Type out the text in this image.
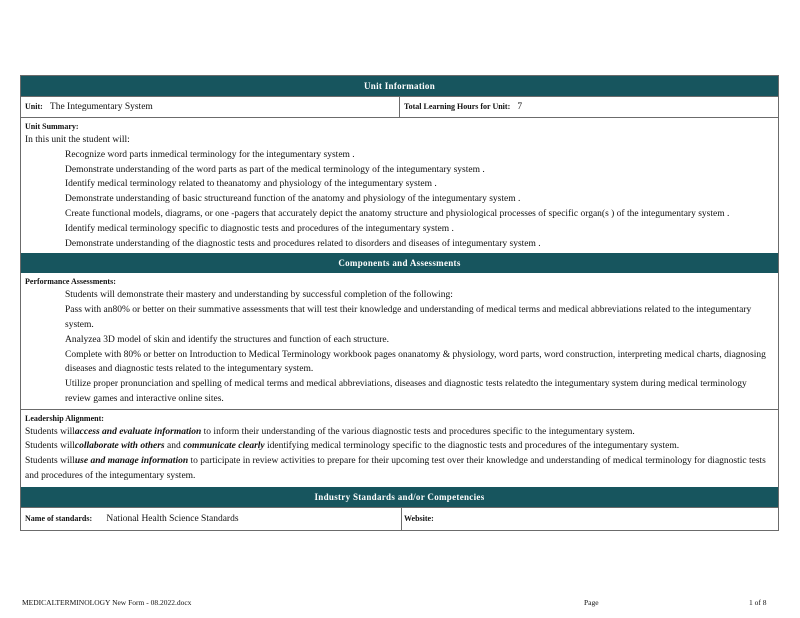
Unit Information
Unit: The Integumentary System	Total Learning Hours for Unit: 7
Unit Summary:
In this unit the student will:
Recognize word parts inmedical terminology for the integumentary system .
Demonstrate understanding of the word parts as part of the medical terminology of the integumentary system .
Identify medical terminology related to theanatomy and physiology of the integumentary system .
Demonstrate understanding of basic structureand function of the anatomy and physiology of the integumentary system .
Create functional models, diagrams, or one -pagers that accurately depict the anatomy structure and physiological processes of specific organ(s ) of the integumentary system .
Identify medical terminology specific to diagnostic tests and procedures of the integumentary system .
Demonstrate understanding of the diagnostic tests and procedures related to disorders and diseases of integumentary system .
Components and Assessments
Performance Assessments:
Students will demonstrate their mastery and understanding by successful completion of the following:
Pass with an80% or better on their summative assessments that will test their knowledge and understanding of medical terms and medical abbreviations related to the integumentary system.
Analyzea 3D model of skin and identify the structures and function of each structure.
Complete with 80% or better on Introduction to Medical Terminology workbook pages onanatomy & physiology, word parts, word construction, interpreting medical charts, diagnosing diseases and diagnostic tests related to the integumentary system.
Utilize proper pronunciation and spelling of medical terms and medical abbreviations, diseases and diagnostic tests relatedto the integumentary system during medical terminology review games and interactive online sites.
Leadership Alignment:
Students willaccess and evaluate information to inform their understanding of the various diagnostic tests and procedures specific to the integumentary system.
Students willcollaborate with others and communicate clearly identifying medical terminology specific to the diagnostic tests and procedures of the integumentary system.
Students willuse and manage information to participate in review activities to prepare for their upcoming test over their knowledge and understanding of medical terminology for diagnostic tests and procedures of the integumentary system.
Industry Standards and/or Competencies
Name of standards: National Health Science Standards	Website:
MEDICALTERMINOLOGY New Form - 08.2022.docx	Page	1 of 8
